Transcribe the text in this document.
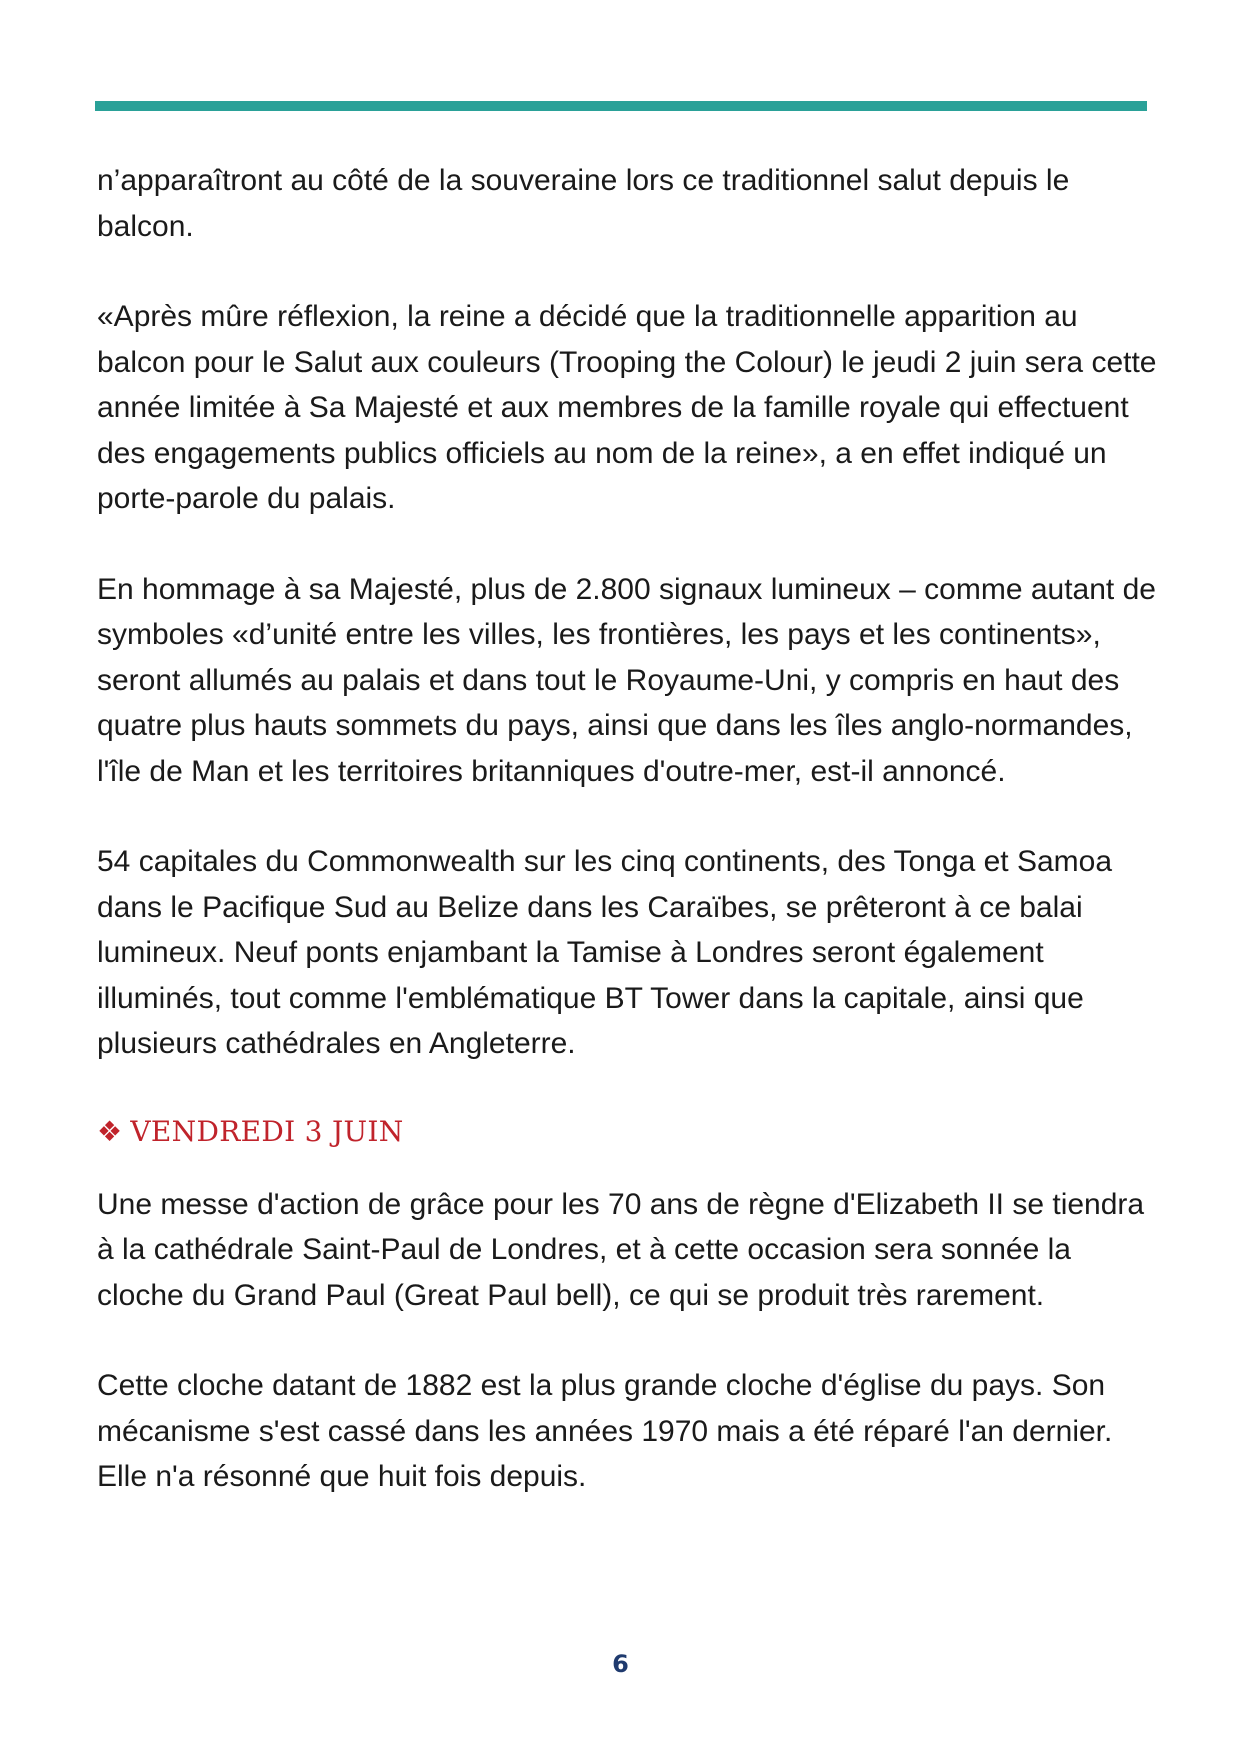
n’apparaîtront au côté de la souveraine lors ce traditionnel salut depuis le balcon.

«Après mûre réflexion, la reine a décidé que la traditionnelle apparition au balcon pour le Salut aux couleurs (Trooping the Colour) le jeudi 2 juin sera cette année limitée à Sa Majesté et aux membres de la famille royale qui effectuent des engagements publics officiels au nom de la reine», a en effet indiqué un porte-parole du palais.

En hommage à sa Majesté, plus de 2.800 signaux lumineux – comme autant de symboles «d’unité entre les villes, les frontières, les pays et les continents», seront allumés au palais et dans tout le Royaume-Uni, y compris en haut des quatre plus hauts sommets du pays, ainsi que dans les îles anglo-normandes, l'île de Man et les territoires britanniques d'outre-mer, est-il annoncé.

54 capitales du Commonwealth sur les cinq continents, des Tonga et Samoa dans le Pacifique Sud au Belize dans les Caraïbes, se prêteront à ce balai lumineux. Neuf ponts enjambant la Tamise à Londres seront également illuminés, tout comme l'emblématique BT Tower dans la capitale, ainsi que plusieurs cathédrales en Angleterre.

❖ VENDREDI 3 JUIN

Une messe d'action de grâce pour les 70 ans de règne d'Elizabeth II se tiendra à la cathédrale Saint-Paul de Londres, et à cette occasion sera sonnée la cloche du Grand Paul (Great Paul bell), ce qui se produit très rarement.

Cette cloche datant de 1882 est la plus grande cloche d'église du pays. Son mécanisme s'est cassé dans les années 1970 mais a été réparé l'an dernier. Elle n'a résonné que huit fois depuis.

6
